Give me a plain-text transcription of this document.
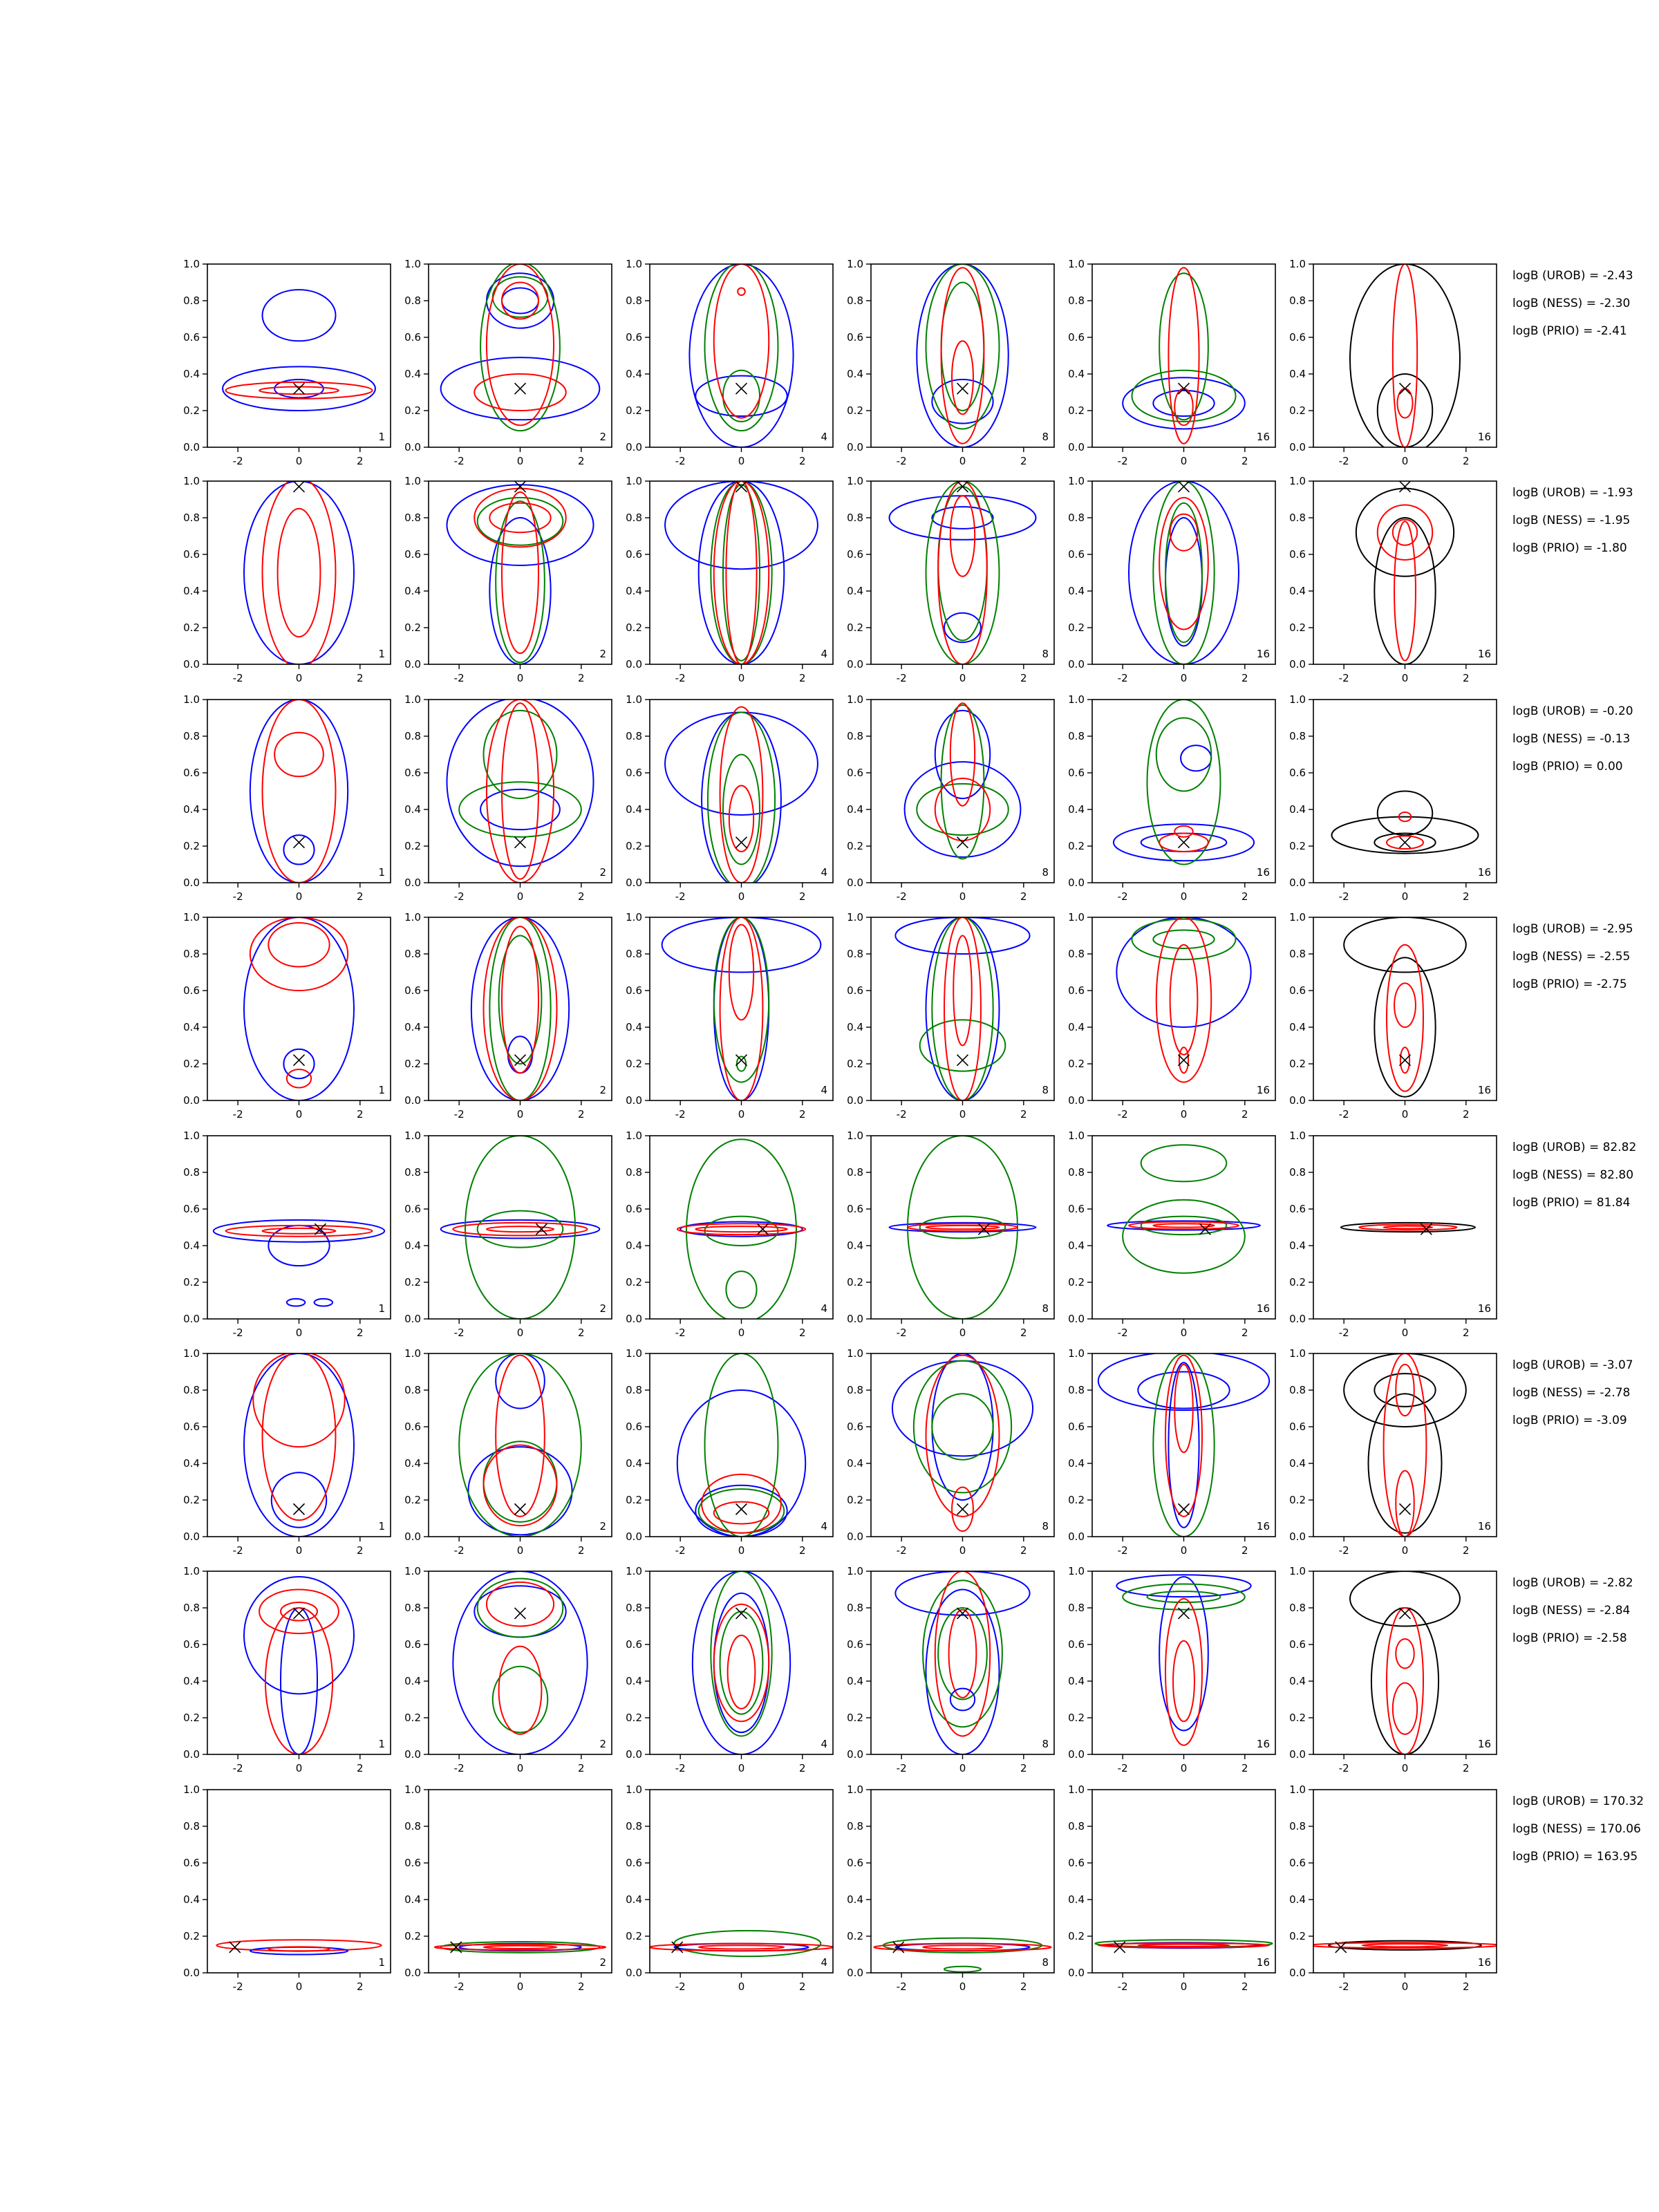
-2	0	2
0.0
0.2
0.4
0.6
0.8
1.0
1
-2	0	2
0.0
0.2
0.4
0.6
0.8
1.0
2
-2	0	2
0.0
0.2
0.4
0.6
0.8
1.0
4
-2	0	2
0.0
0.2
0.4
0.6
0.8
1.0
8
-2	0	2
0.0
0.2
0.4
0.6
0.8
1.0
16
-2	0	2
0.0
0.2
0.4
0.6
0.8
1.0
16
-2	0	2
0.0
0.2
0.4
0.6
0.8
1.0
1
-2	0	2
0.0
0.2
0.4
0.6
0.8
1.0
2
-2	0	2
0.0
0.2
0.4
0.6
0.8
1.0
4
-2	0	2
0.0
0.2
0.4
0.6
0.8
1.0
8
-2	0	2
0.0
0.2
0.4
0.6
0.8
1.0
16
-2	0	2
0.0
0.2
0.4
0.6
0.8
1.0
16
-2	0	2
0.0
0.2
0.4
0.6
0.8
1.0
1
-2	0	2
0.0
0.2
0.4
0.6
0.8
1.0
2
-2	0	2
0.0
0.2
0.4
0.6
0.8
1.0
4
-2	0	2
0.0
0.2
0.4
0.6
0.8
1.0
8
-2	0	2
0.0
0.2
0.4
0.6
0.8
1.0
16
-2	0	2
0.0
0.2
0.4
0.6
0.8
1.0
16
-2	0	2
0.0
0.2
0.4
0.6
0.8
1.0
1
-2	0	2
0.0
0.2
0.4
0.6
0.8
1.0
2
-2	0	2
0.0
0.2
0.4
0.6
0.8
1.0
4
-2	0	2
0.0
0.2
0.4
0.6
0.8
1.0
8
-2	0	2
0.0
0.2
0.4
0.6
0.8
1.0
16
-2	0	2
0.0
0.2
0.4
0.6
0.8
1.0
16
-2	0	2
0.0
0.2
0.4
0.6
0.8
1.0
1
-2	0	2
0.0
0.2
0.4
0.6
0.8
1.0
2
-2	0	2
0.0
0.2
0.4
0.6
0.8
1.0
4
-2	0	2
0.0
0.2
0.4
0.6
0.8
1.0
8
-2	0	2
0.0
0.2
0.4
0.6
0.8
1.0
16
-2	0	2
0.0
0.2
0.4
0.6
0.8
1.0
16
-2	0	2
0.0
0.2
0.4
0.6
0.8
1.0
1
-2	0	2
0.0
0.2
0.4
0.6
0.8
1.0
2
-2	0	2
0.0
0.2
0.4
0.6
0.8
1.0
4
-2	0	2
0.0
0.2
0.4
0.6
0.8
1.0
8
-2	0	2
0.0
0.2
0.4
0.6
0.8
1.0
16
-2	0	2
0.0
0.2
0.4
0.6
0.8
1.0
16
-2	0	2
0.0
0.2
0.4
0.6
0.8
1.0
1
-2	0	2
0.0
0.2
0.4
0.6
0.8
1.0
2
-2	0	2
0.0
0.2
0.4
0.6
0.8
1.0
4
-2	0	2
0.0
0.2
0.4
0.6
0.8
1.0
8
-2	0	2
0.0
0.2
0.4
0.6
0.8
1.0
16
-2	0	2
0.0
0.2
0.4
0.6
0.8
1.0
16
-2	0	2
0.0
0.2
0.4
0.6
0.8
1.0
1
-2	0	2
0.0
0.2
0.4
0.6
0.8
1.0
2
-2	0	2
0.0
0.2
0.4
0.6
0.8
1.0
4
-2	0	2
0.0
0.2
0.4
0.6
0.8
1.0
8
-2	0	2
0.0
0.2
0.4
0.6
0.8
1.0
16
-2	0	2
0.0
0.2
0.4
0.6
0.8
1.0
16
logB (UROB) = -2.43
logB (NESS) = -2.30
logB (PRIO) = -2.41
logB (UROB) = -1.93
logB (NESS) = -1.95
logB (PRIO) = -1.80
logB (UROB) = -0.20
logB (NESS) = -0.13
logB (PRIO) = 0.00
logB (UROB) = -2.95
logB (NESS) = -2.55
logB (PRIO) = -2.75
logB (UROB) = 82.82
logB (NESS) = 82.80
logB (PRIO) = 81.84
logB (UROB) = -3.07
logB (NESS) = -2.78
logB (PRIO) = -3.09
logB (UROB) = -2.82
logB (NESS) = -2.84
logB (PRIO) = -2.58
logB (UROB) = 170.32
logB (NESS) = 170.06
logB (PRIO) = 163.95
